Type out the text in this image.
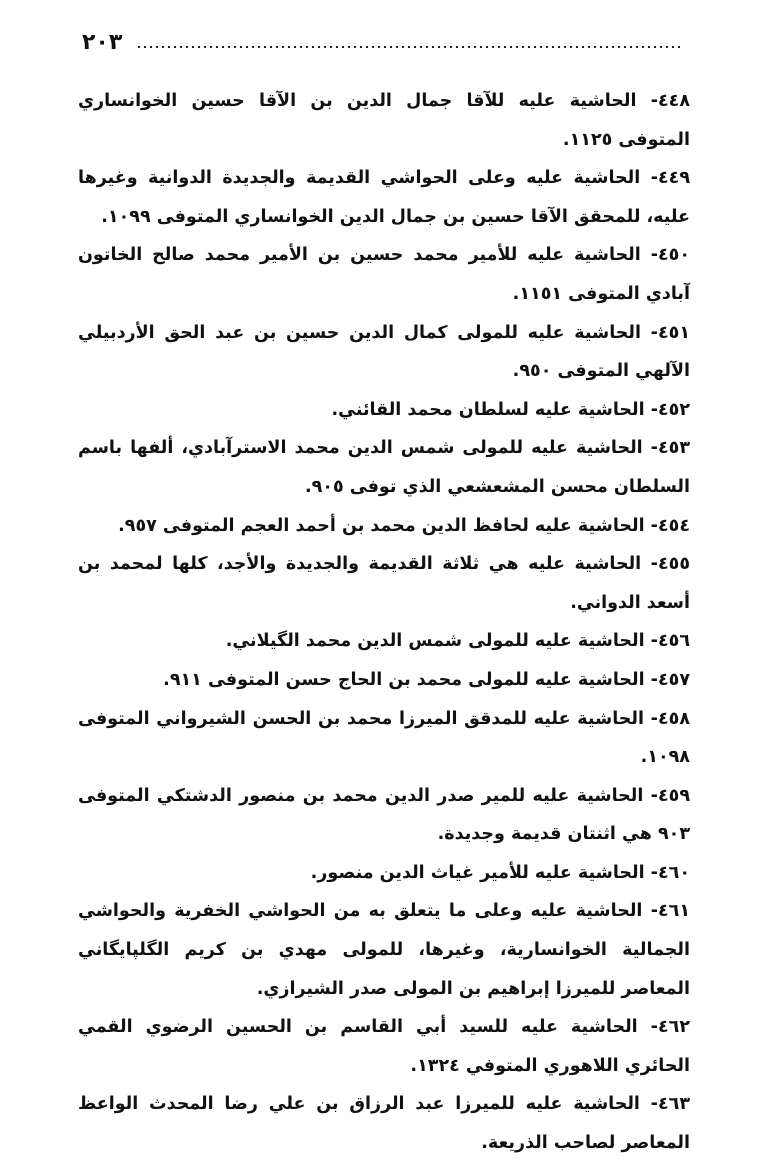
٢٠٣

٤٤٨- الحاشية عليه للآقا جمال الدين بن الآقا حسين الخوانساري المتوفى ١١٢٥.

٤٤٩- الحاشية عليه وعلى الحواشي القديمة والجديدة الدوانية وغيرها عليه، للمحقق الآقا حسين بن جمال الدين الخوانساري المتوفى ١٠٩٩.

٤٥٠- الحاشية عليه للأمير محمد حسين بن الأمير محمد صالح الخاتون آبادي المتوفى ١١٥١.

٤٥١- الحاشية عليه للمولى كمال الدين حسين بن عبد الحق الأردبيلي الآلهي المتوفى ٩٥٠.

٤٥٢- الحاشية عليه لسلطان محمد القائني.

٤٥٣- الحاشية عليه للمولى شمس الدين محمد الاسترآبادي، ألفها باسم السلطان محسن المشعشعي الذي توفى ٩٠٥.

٤٥٤- الحاشية عليه لحافظ الدين محمد بن أحمد العجم المتوفى ٩٥٧.

٤٥٥- الحاشية عليه هي ثلاثة القديمة والجديدة والأجد، كلها لمحمد بن أسعد الدواني.

٤٥٦- الحاشية عليه للمولى شمس الدين محمد الگيلاني.

٤٥٧- الحاشية عليه للمولى محمد بن الحاج حسن المتوفى ٩١١.

٤٥٨- الحاشية عليه للمدقق الميرزا محمد بن الحسن الشيرواني المتوفى ١٠٩٨.

٤٥٩- الحاشية عليه للمير صدر الدين محمد بن منصور الدشتكي المتوفى ٩٠٣ هي اثنتان قديمة وجديدة.

٤٦٠- الحاشية عليه للأمير غياث الدين منصور.

٤٦١- الحاشية عليه وعلى ما يتعلق به من الحواشي الخفرية والحواشي الجمالية الخوانسارية، وغيرها، للمولى مهدي بن كريم الگلپايگاني المعاصر للميرزا إبراهيم بن المولى صدر الشيرازي.

٤٦٢- الحاشية عليه للسيد أبي القاسم بن الحسين الرضوي القمي الحائري اللاهوري المتوفي ١٣٢٤.

٤٦٣- الحاشية عليه للميرزا عبد الرزاق بن علي رضا المحدث الواعظ المعاصر لصاحب الذريعة.
